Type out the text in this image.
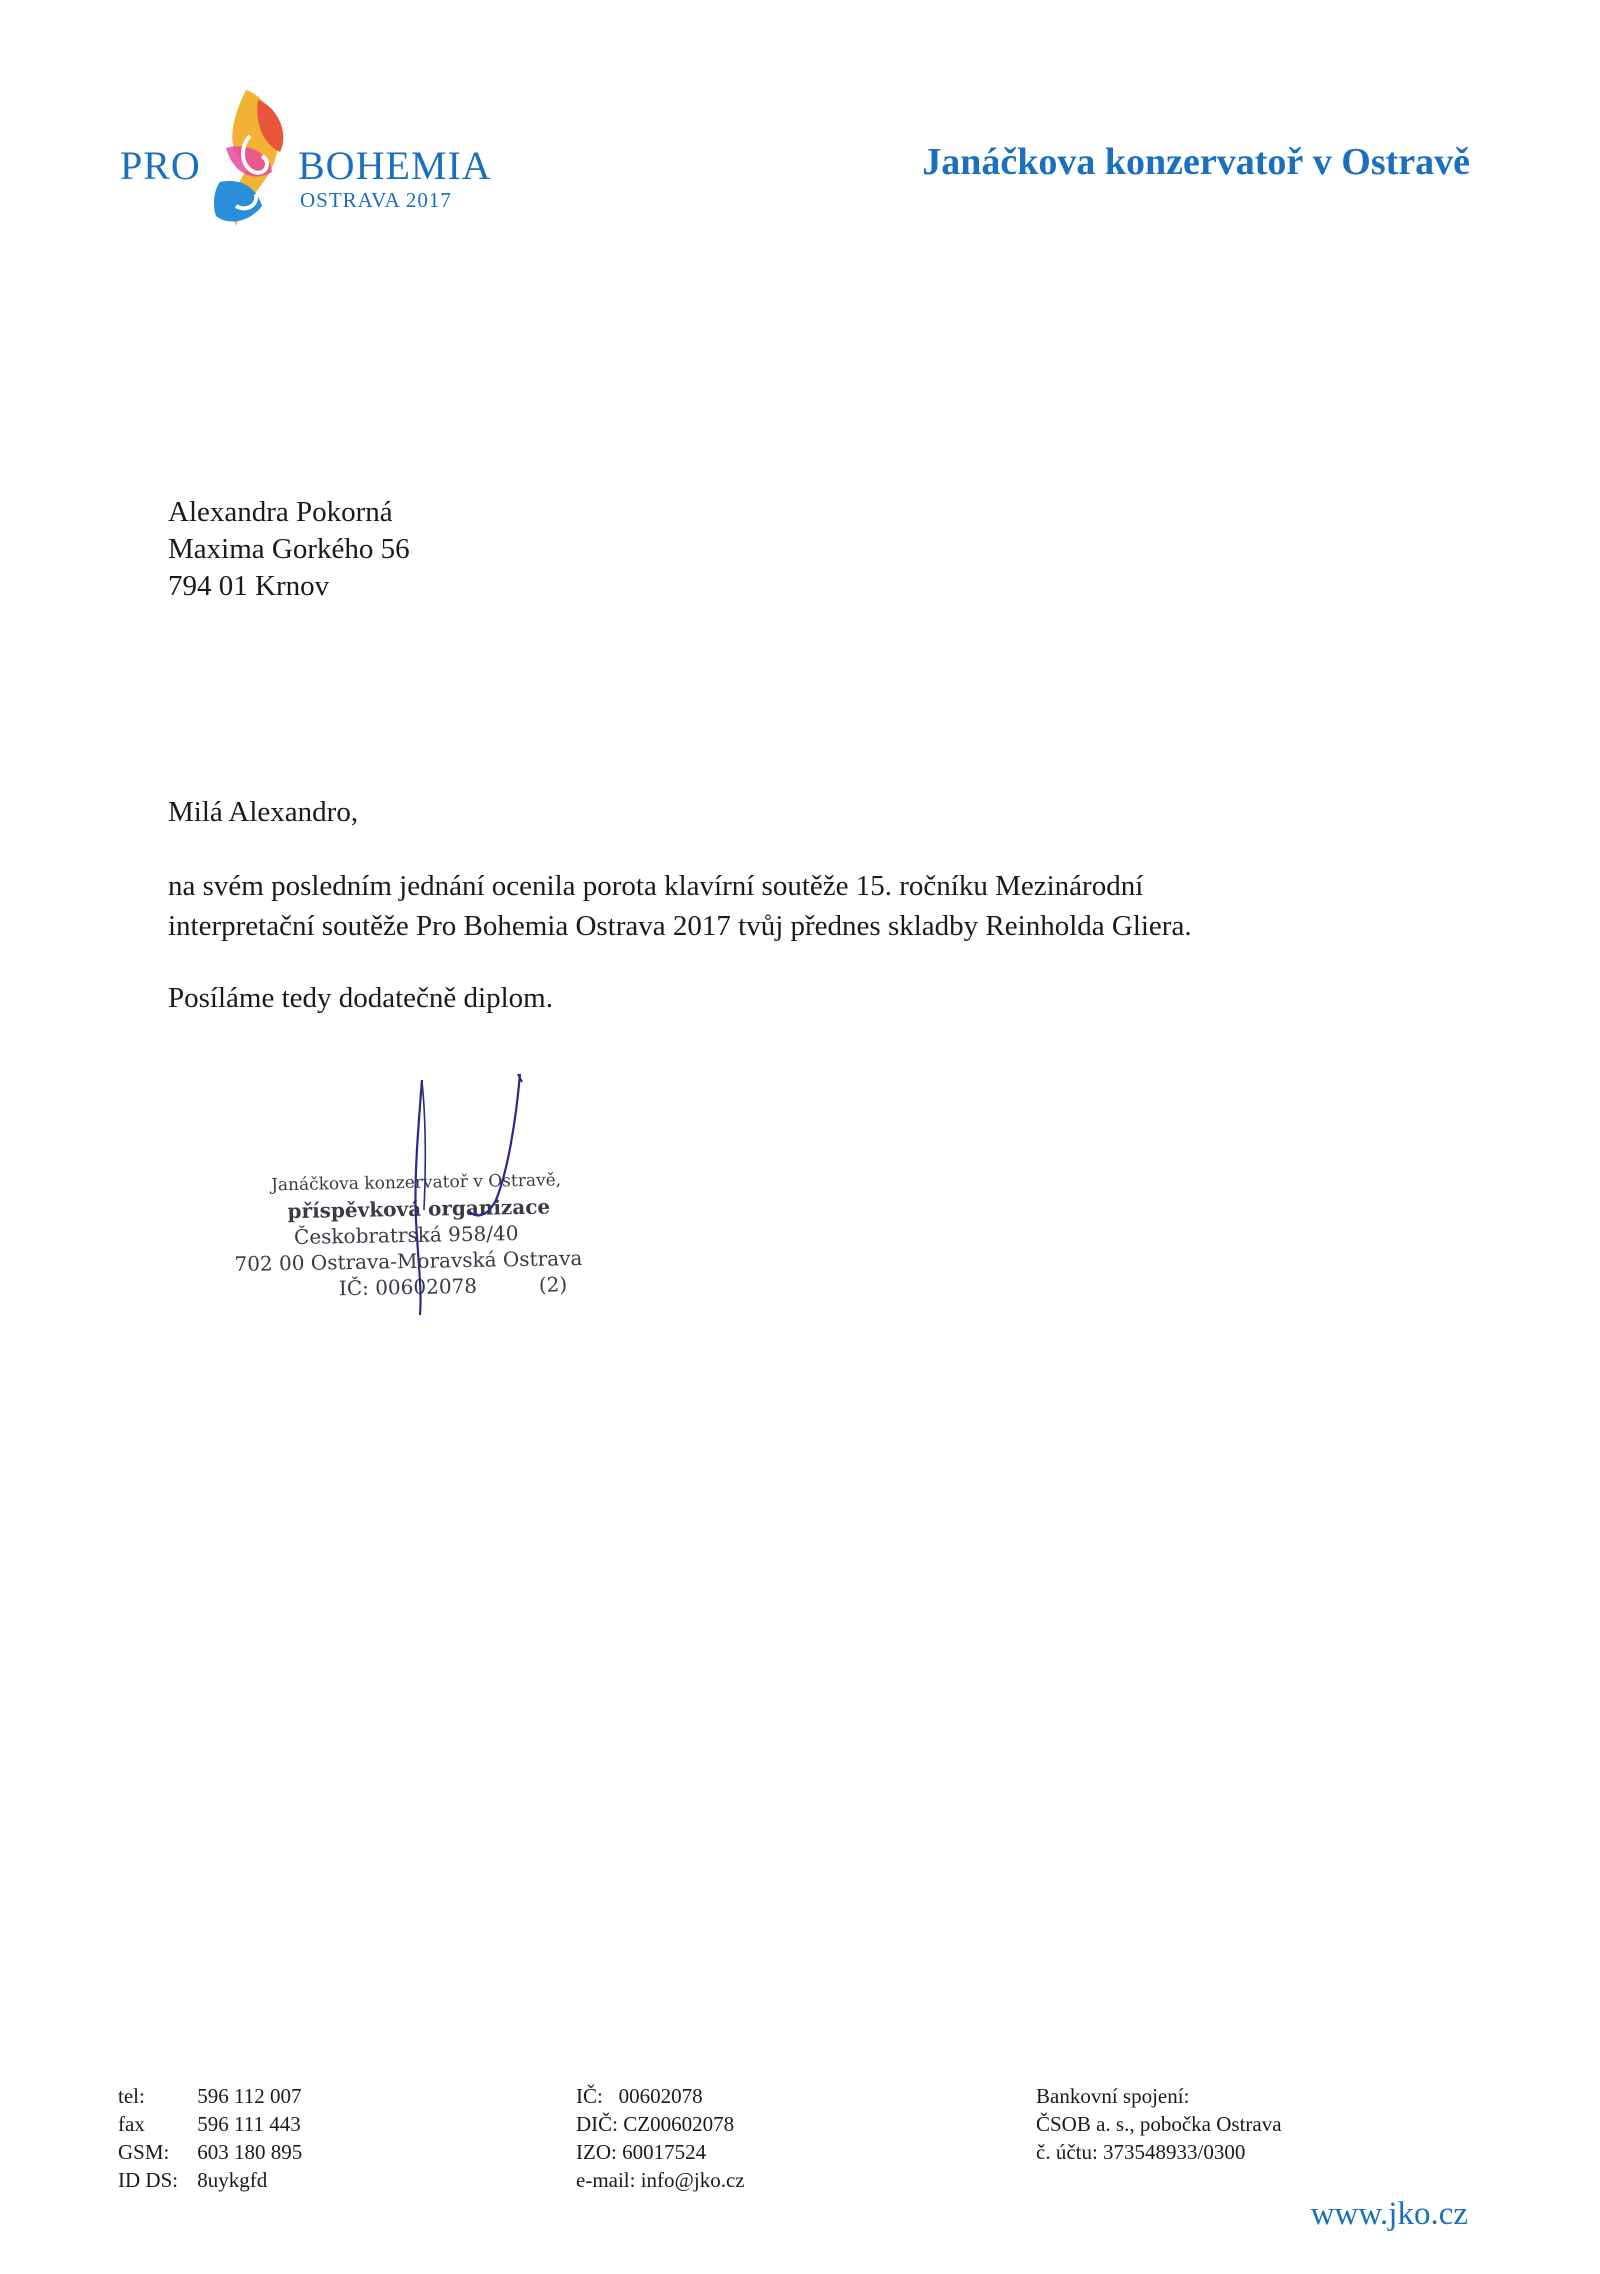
PRO BOHEMIA
OSTRAVA 2017
Janáčkova konzervatoř v Ostravě
Alexandra Pokorná
Maxima Gorkého 56
794 01 Krnov
Milá Alexandro,
na svém posledním jednání ocenila porota klavírní soutěže 15. ročníku Mezinárodní
interpretační soutěže Pro Bohemia Ostrava 2017 tvůj přednes skladby Reinholda Gliera.
Posíláme tedy dodatečně diplom.
Janáčkova konzervatoř v Ostravě,
příspěvková organizace
Českobratrská 958/40
702 00 Ostrava-Moravská Ostrava
IČ: 00602078	(2)
tel: 596 112 007
fax 596 111 443
GSM: 603 180 895
ID DS: 8uykgfd
IČ:   00602078
DIČ: CZ00602078
IZO: 60017524
e-mail: info@jko.cz
Bankovní spojení:
ČSOB a. s., pobočka Ostrava
č. účtu: 373548933/0300
www.jko.cz
